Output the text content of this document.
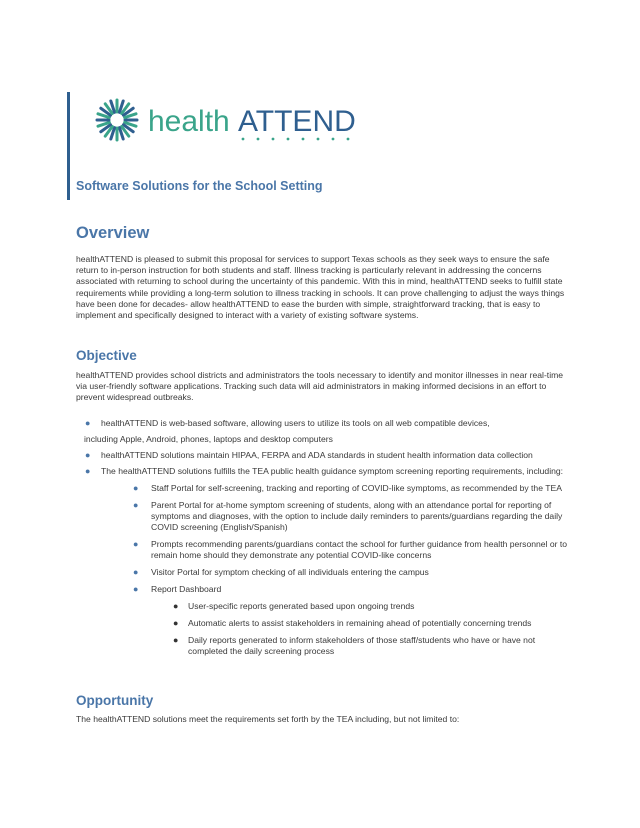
health ATTEND

Software Solutions for the School Setting

Overview

healthATTEND is pleased to submit this proposal for services to support Texas schools as they seek ways to ensure the safe return to in-person instruction for both students and staff. Illness tracking is particularly relevant in addressing the concerns associated with returning to school during the uncertainty of this pandemic. With this in mind, healthATTEND seeks to fulfill state requirements while providing a long-term solution to illness tracking in schools. It can prove challenging to adjust the ways things have been done for decades- allow healthATTEND to ease the burden with simple, straightforward tracking, that is easy to implement and specifically designed to interact with a variety of existing software systems.

Objective

healthATTEND provides school districts and administrators the tools necessary to identify and monitor illnesses in near real-time via user-friendly software applications. Tracking such data will aid administrators in making informed decisions in an effort to prevent widespread outbreaks.

● healthATTEND is web-based software, allowing users to utilize its tools on all web compatible devices,
including Apple, Android, phones, laptops and desktop computers
● healthATTEND solutions maintain HIPAA, FERPA and ADA standards in student health information data collection
● The healthATTEND solutions fulfills the TEA public health guidance symptom screening reporting requirements, including:
● Staff Portal for self-screening, tracking and reporting of COVID-like symptoms, as recommended by the TEA
● Parent Portal for at-home symptom screening of students, along with an attendance portal for reporting of symptoms and diagnoses, with the option to include daily reminders to parents/guardians regarding the daily COVID screening (English/Spanish)
● Prompts recommending parents/guardians contact the school for further guidance from health personnel or to remain home should they demonstrate any potential COVID-like concerns
● Visitor Portal for symptom checking of all individuals entering the campus
● Report Dashboard
● User-specific reports generated based upon ongoing trends
● Automatic alerts to assist stakeholders in remaining ahead of potentially concerning trends
● Daily reports generated to inform stakeholders of those staff/students who have or have not completed the daily screening process
Opportunity

The healthATTEND solutions meet the requirements set forth by the TEA including, but not limited to:
